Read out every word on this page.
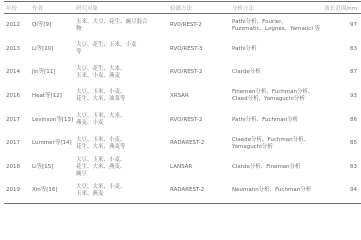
年份	作者	研究对象	检测方法	分析方法	波长范围/nm
2012	Qi等[9]	玉米、大豆、花生、豌豆混合
物	RV0/REST-2	Pathi分析、Fourier、
Fuzzmatic、Lognes、Yamaucl 等	97
2013	Li等[10]	大豆、花生、玉米、小麦
等	RVO/REST-3	Pathi分析	83
2014	Jin等[11]	大豆、花生、大米、
玉米、小麦、燕麦	RVO/REST-2	Clarde分析	87
2016	Heat等[12]	大豆、玉米、小麦、
花生、大米、油菜等	XRSAR	Fineman分析、Fuchman分析、
Claed分析、Yamaguchi分析	93
2017	Levinson等[13]	大豆、玉米、大米、
燕麦、小麦	RVO/REST-2	Pathi分析、Fuchman分析	86
2017	Lummer等[14]	大豆、玉米、小麦、
花生、大米、燕麦等	RADAREST-2	Claede分析、Fuchman分析、
Yamaguchi分析	85
2018	Li等[15]	大豆、玉米、小麦、
花生、大米、燕麦、
豌豆	LANSAR	Clarde分析、Fineman分析	83
2019	Xin等[16]	大豆、大米、小麦、
玉米、燕麦	RADAREST-2	Neumann分析、Fuchman分析	94
